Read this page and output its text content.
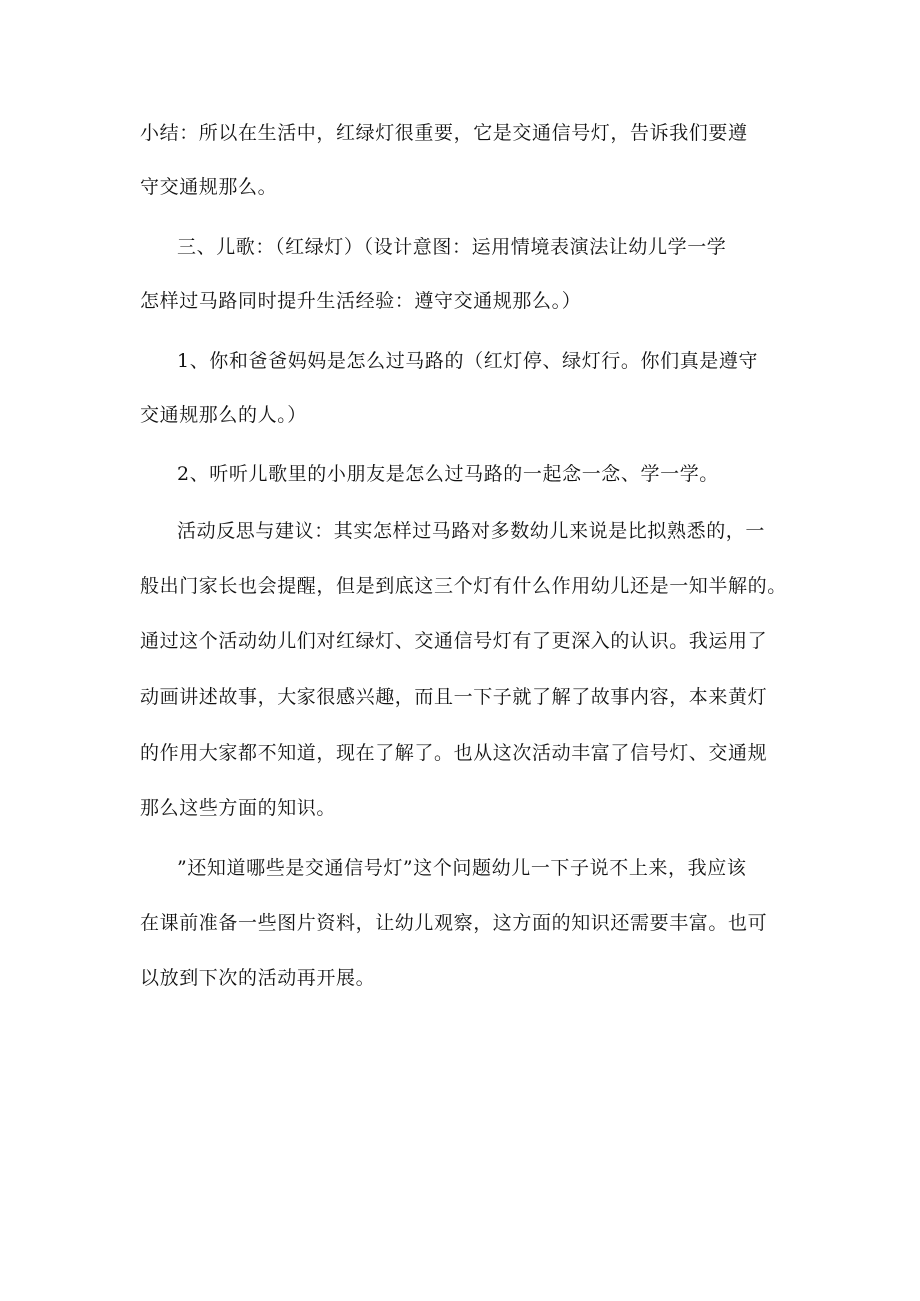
小结：所以在生活中，红绿灯很重要，它是交通信号灯，告诉我们要遵
守交通规那么。
三、儿歌：（红绿灯）（设计意图：运用情境表演法让幼儿学一学
怎样过马路同时提升生活经验：遵守交通规那么。）
1、你和爸爸妈妈是怎么过马路的（红灯停、绿灯行。你们真是遵守
交通规那么的人。）
2、听听儿歌里的小朋友是怎么过马路的一起念一念、学一学。
活动反思与建议：其实怎样过马路对多数幼儿来说是比拟熟悉的，一
般出门家长也会提醒，但是到底这三个灯有什么作用幼儿还是一知半解的。
通过这个活动幼儿们对红绿灯、交通信号灯有了更深入的认识。我运用了
动画讲述故事，大家很感兴趣，而且一下子就了解了故事内容，本来黄灯
的作用大家都不知道，现在了解了。也从这次活动丰富了信号灯、交通规
那么这些方面的知识。
”还知道哪些是交通信号灯”这个问题幼儿一下子说不上来，我应该
在课前准备一些图片资料，让幼儿观察，这方面的知识还需要丰富。也可
以放到下次的活动再开展。
